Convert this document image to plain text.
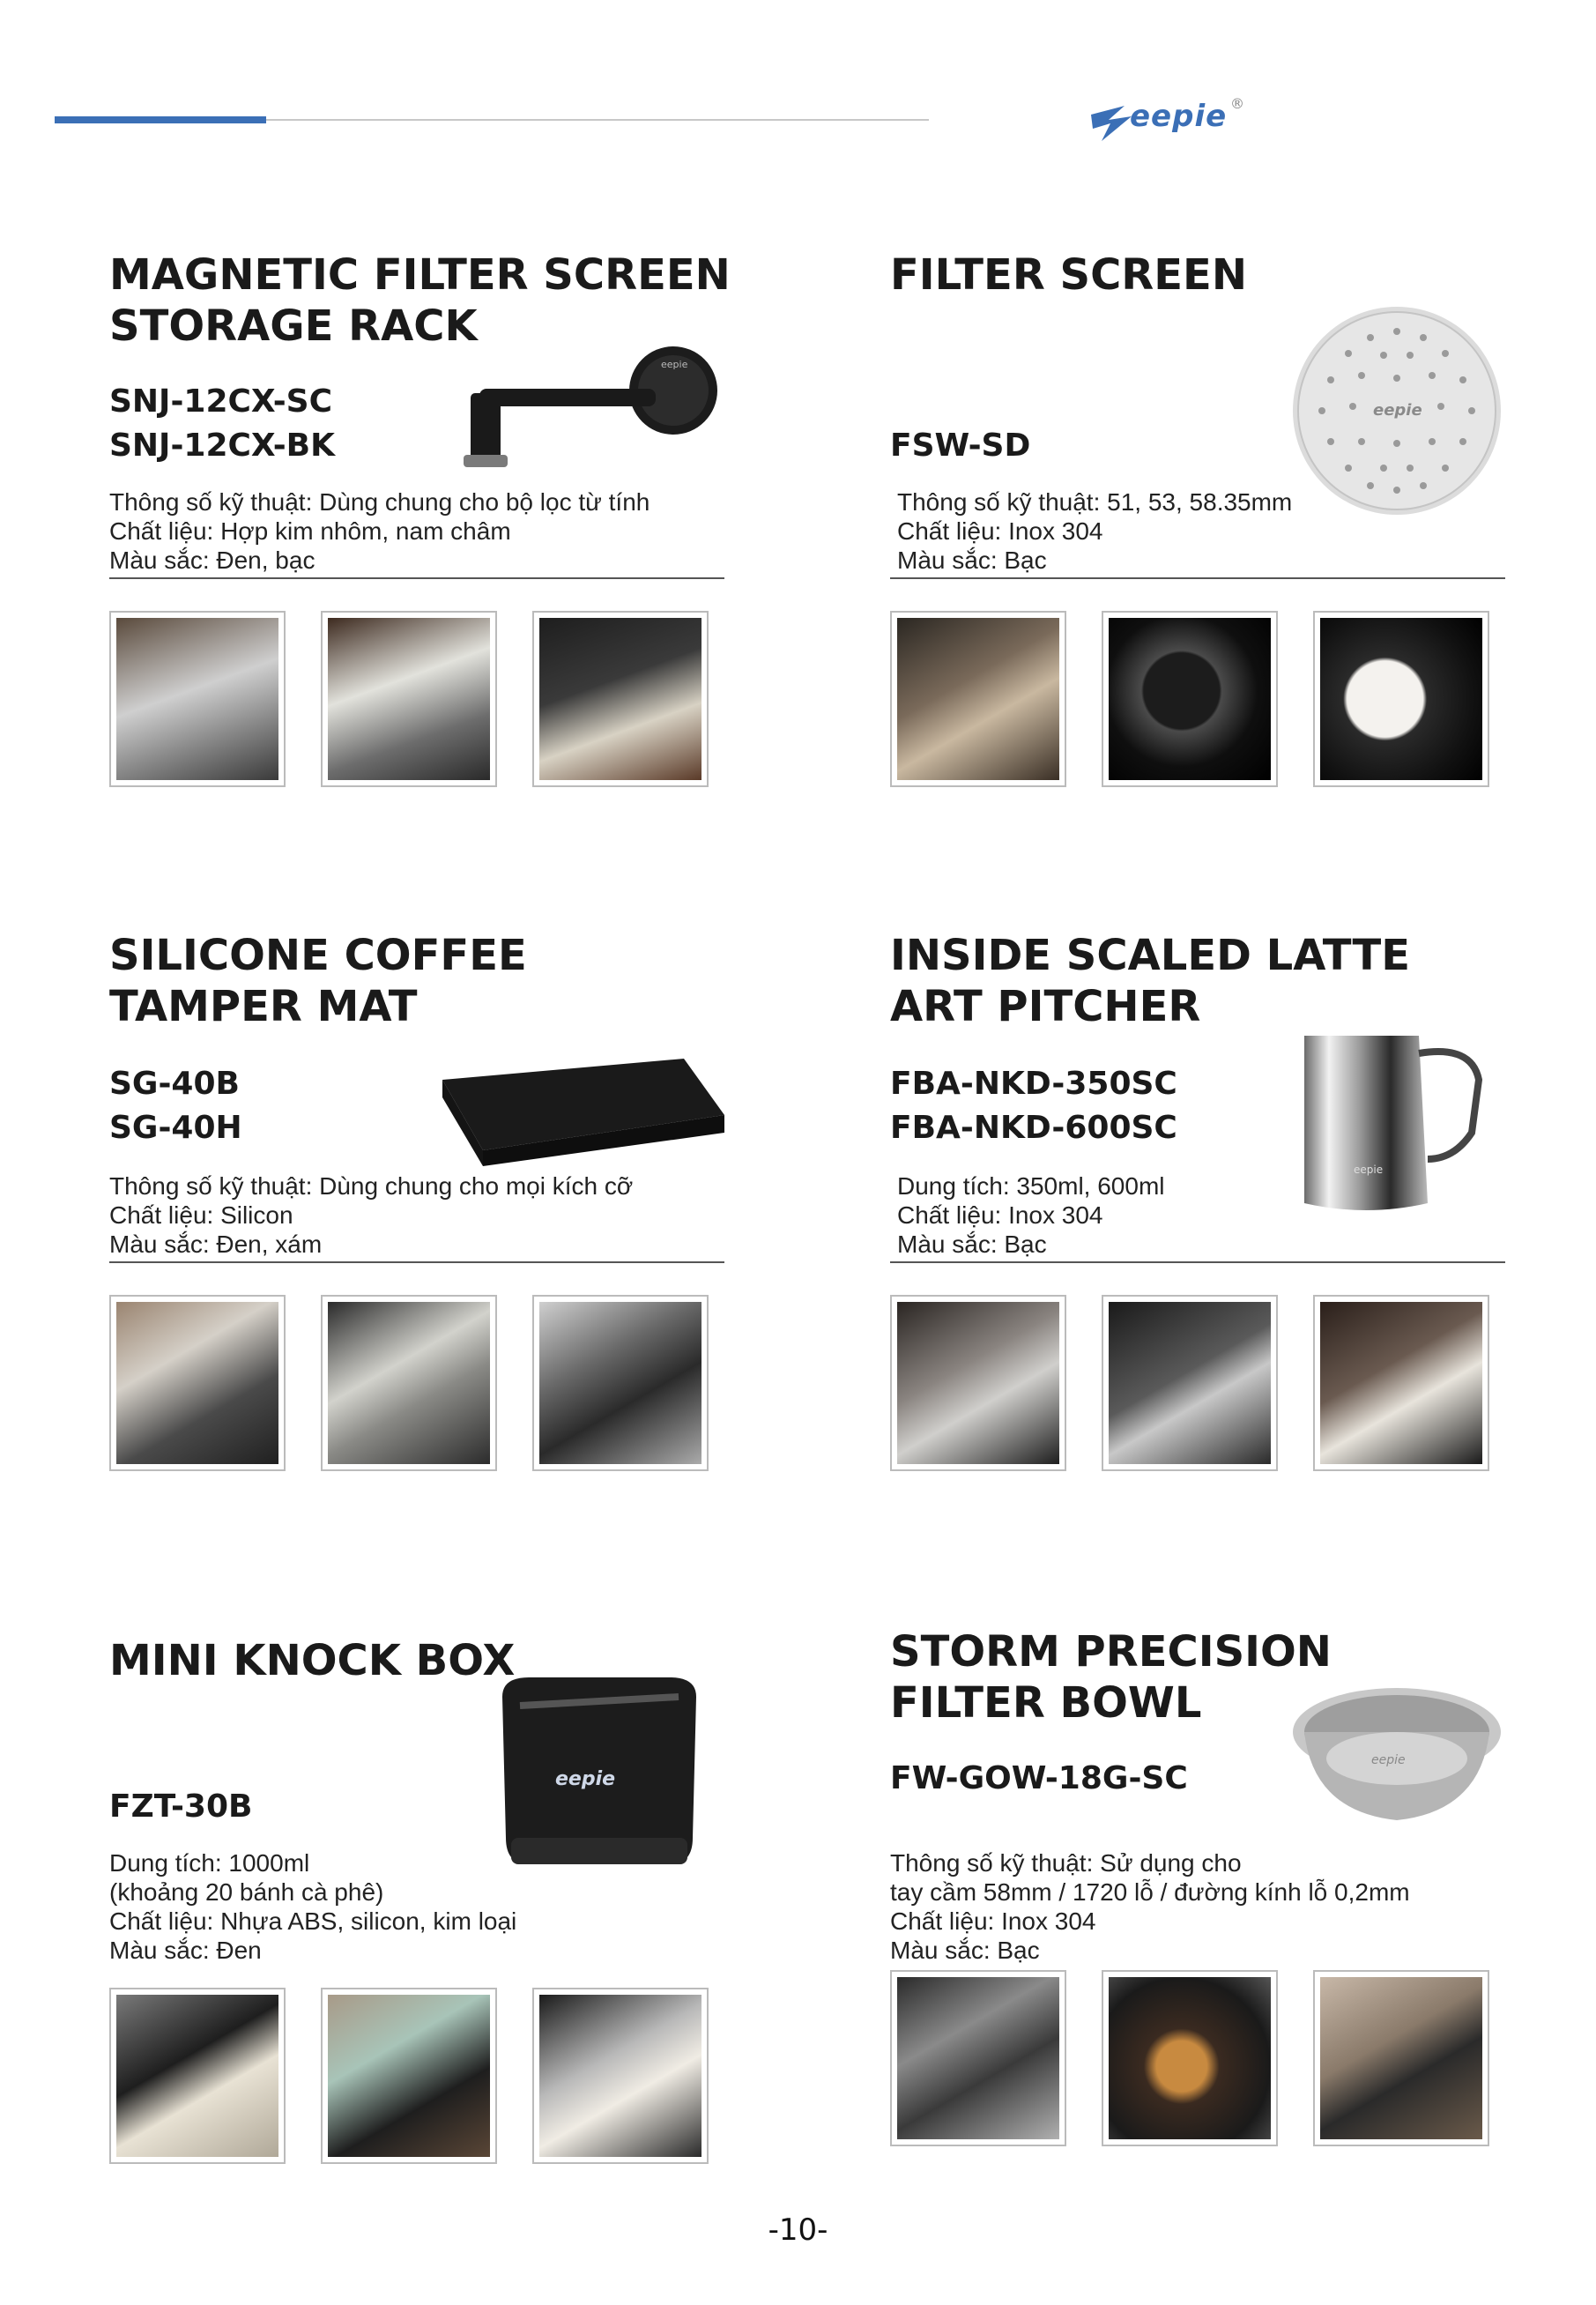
eepie ®
MAGNETIC FILTER SCREEN
STORAGE RACK
SNJ-12CX-SC
SNJ-12CX-BK
Thông số kỹ thuật: Dùng chung cho bộ lọc từ tính
Chất liệu: Hợp kim nhôm, nam châm
Màu sắc: Đen, bạc
eepie
FILTER SCREEN
FSW-SD
Thông số kỹ thuật: 51, 53, 58.35mm
Chất liệu: Inox 304
Màu sắc: Bạc
eepie
SILICONE COFFEE
TAMPER MAT
SG-40B
SG-40H
Thông số kỹ thuật: Dùng chung cho mọi kích cỡ
Chất liệu: Silicon
Màu sắc: Đen, xám
INSIDE SCALED LATTE
ART PITCHER
FBA-NKD-350SC
FBA-NKD-600SC
Dung tích: 350ml, 600ml
Chất liệu: Inox 304
Màu sắc: Bạc
eepie
MINI KNOCK BOX
FZT-30B
Dung tích: 1000ml
(khoảng 20 bánh cà phê)
Chất liệu: Nhựa ABS, silicon, kim loại
Màu sắc: Đen
eepie
STORM PRECISION
FILTER BOWL
FW-GOW-18G-SC
Thông số kỹ thuật: Sử dụng cho
tay cầm 58mm / 1720 lỗ / đường kính lỗ 0,2mm
Chất liệu: Inox 304
Màu sắc: Bạc
eepie
-10-
